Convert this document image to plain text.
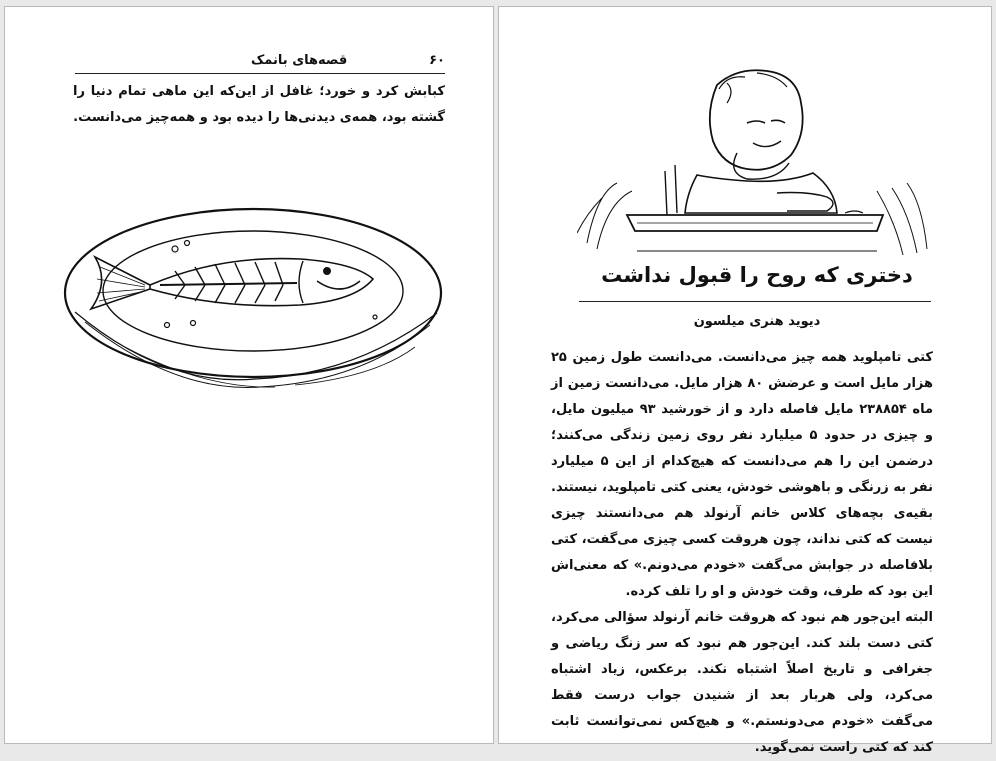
۶۰
قصه‌های بانمک

کبابش کرد و خورد؛ غافل از این‌که این ماهی تمام دنیا را گشته بود، همه‌ی دیدنی‌ها را دیده بود و همه‌چیز می‌دانست.

دختری که روح را قبول نداشت
دیوید هنری میلسون

کتی تامپلوید همه چیز می‌دانست. می‌دانست طول زمین ۲۵ هزار مایل است و عرضش ۸۰ هزار مایل. می‌دانست زمین از ماه ۲۳۸۸۵۴ مایل فاصله دارد و از خورشید ۹۳ میلیون مایل، و چیزی در حدود ۵ میلیارد نفر روی زمین زندگی می‌کنند؛ درضمن این را هم می‌دانست که هیچ‌کدام از این ۵ میلیارد نفر به زرنگی و باهوشی خودش، یعنی کتی تامپلوید، نیستند. بقیه‌ی بچه‌های کلاس خانم آرنولد هم می‌دانستند چیزی نیست که کتی نداند، چون هروقت کسی چیزی می‌گفت، کتی بلافاصله در جوابش می‌گفت «خودم می‌دونم.» که معنی‌اش این بود که طرف، وقت خودش و او را تلف کرده.

البته این‌جور هم نبود که هروقت خانم آرنولد سؤالی می‌کرد، کتی دست بلند کند. این‌جور هم نبود که سر زنگ ریاضی و جغرافی و تاریخ اصلاً اشتباه نکند. برعکس، زیاد اشتباه می‌کرد، ولی هربار بعد از شنیدن جواب درست فقط می‌گفت «خودم می‌دونستم.» و هیچ‌کس نمی‌توانست ثابت کند که کتی راست نمی‌گوید.
